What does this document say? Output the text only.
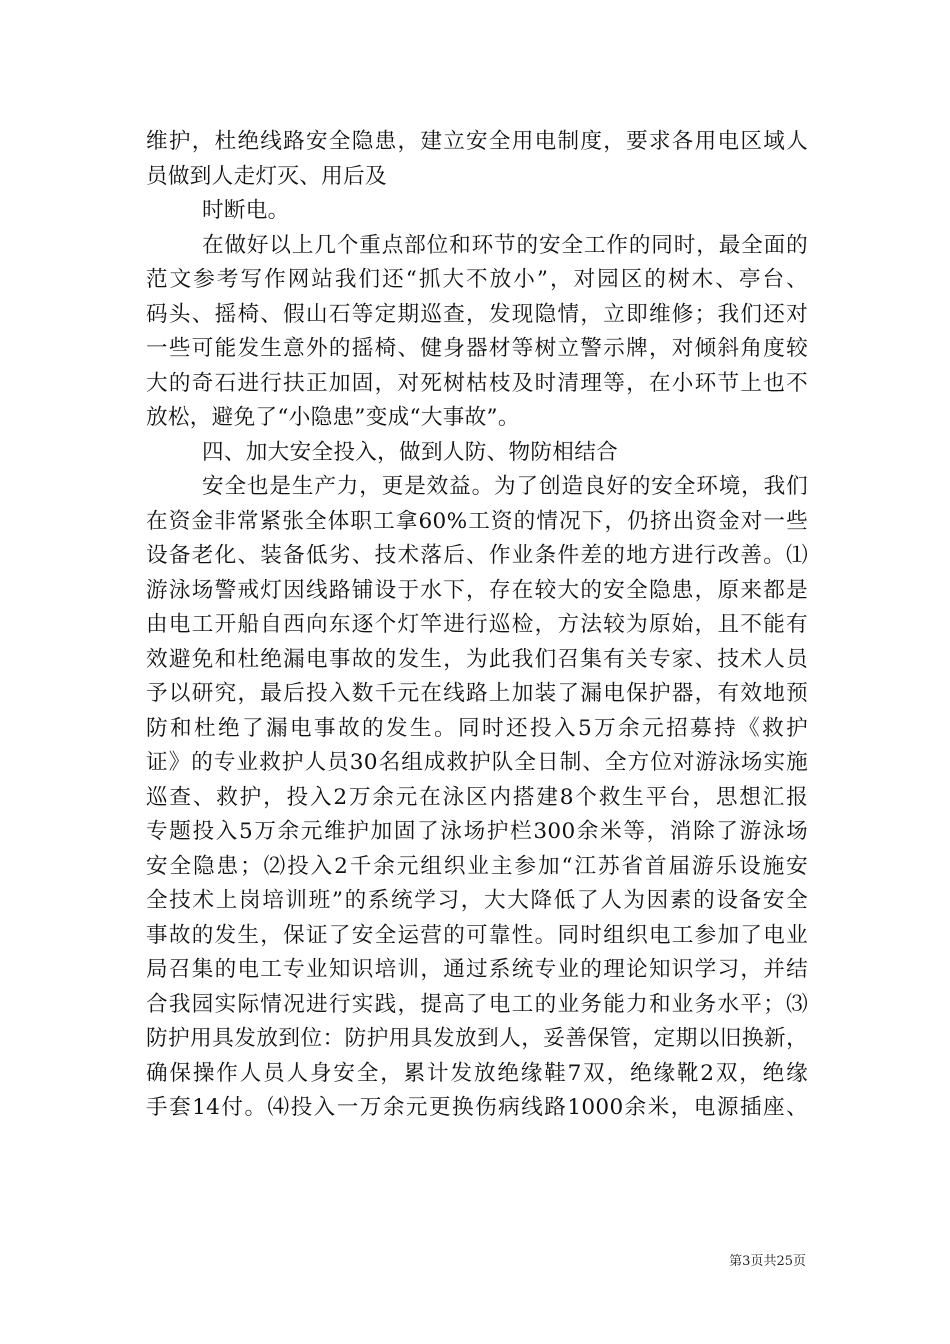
维护，杜绝线路安全隐患，建立安全用电制度，要求各用电区域人
员做到人走灯灭、用后及
时断电。
在做好以上几个重点部位和环节的安全工作的同时，最全面的
范文参考写作网站我们还“抓大不放小”，对园区的树木、亭台、
码头、摇椅、假山石等定期巡查，发现隐情，立即维修；我们还对
一些可能发生意外的摇椅、健身器材等树立警示牌，对倾斜角度较
大的奇石进行扶正加固，对死树枯枝及时清理等，在小环节上也不
放松，避免了“小隐患”变成“大事故”。
四、加大安全投入，做到人防、物防相结合
安全也是生产力，更是效益。为了创造良好的安全环境，我们
在资金非常紧张全体职工拿60%工资的情况下，仍挤出资金对一些
设备老化、装备低劣、技术落后、作业条件差的地方进行改善。⑴
游泳场警戒灯因线路铺设于水下，存在较大的安全隐患，原来都是
由电工开船自西向东逐个灯竿进行巡检，方法较为原始，且不能有
效避免和杜绝漏电事故的发生，为此我们召集有关专家、技术人员
予以研究，最后投入数千元在线路上加装了漏电保护器，有效地预
防和杜绝了漏电事故的发生。同时还投入5万余元招募持《救护
证》的专业救护人员30名组成救护队全日制、全方位对游泳场实施
巡查、救护，投入2万余元在泳区内搭建8个救生平台，思想汇报
专题投入5万余元维护加固了泳场护栏300余米等，消除了游泳场
安全隐患；⑵投入2千余元组织业主参加“江苏省首届游乐设施安
全技术上岗培训班”的系统学习，大大降低了人为因素的设备安全
事故的发生，保证了安全运营的可靠性。同时组织电工参加了电业
局召集的电工专业知识培训，通过系统专业的理论知识学习，并结
合我园实际情况进行实践，提高了电工的业务能力和业务水平；⑶
防护用具发放到位：防护用具发放到人，妥善保管，定期以旧换新，
确保操作人员人身安全，累计发放绝缘鞋7双，绝缘靴2双，绝缘
手套14付。⑷投入一万余元更换伤病线路1000余米，电源插座、
第3页共25页
